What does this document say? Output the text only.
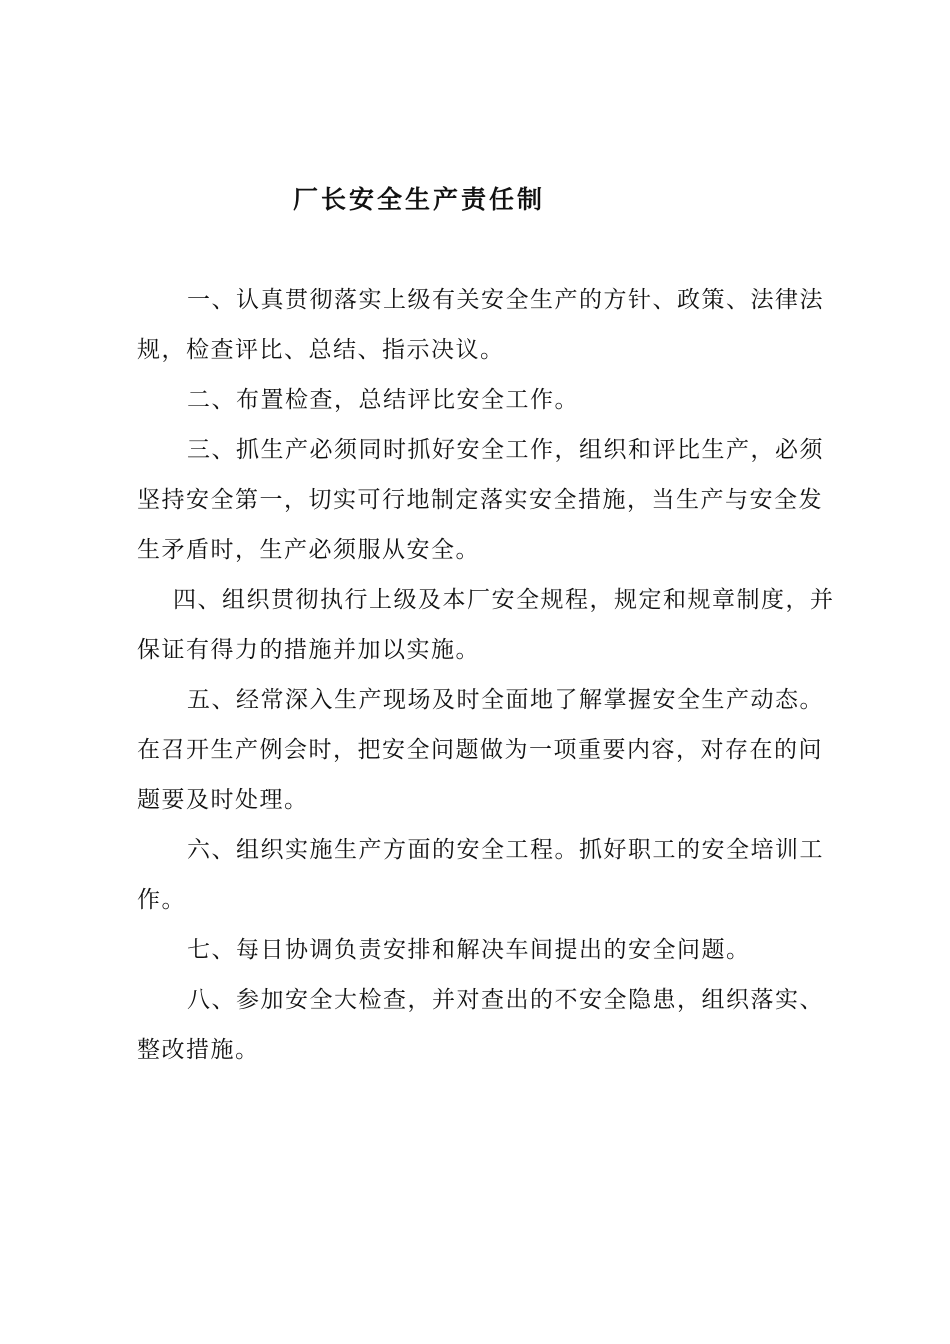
厂长安全生产责任制

一、认真贯彻落实上级有关安全生产的方针、政策、法律法规，检查评比、总结、指示决议。

二、布置检查，总结评比安全工作。

三、抓生产必须同时抓好安全工作，组织和评比生产，必须坚持安全第一，切实可行地制定落实安全措施，当生产与安全发生矛盾时，生产必须服从安全。

四、组织贯彻执行上级及本厂安全规程，规定和规章制度，并保证有得力的措施并加以实施。

五、经常深入生产现场及时全面地了解掌握安全生产动态。在召开生产例会时，把安全问题做为一项重要内容，对存在的问题要及时处理。

六、组织实施生产方面的安全工程。抓好职工的安全培训工作。

七、每日协调负责安排和解决车间提出的安全问题。

八、参加安全大检查，并对查出的不安全隐患，组织落实、整改措施。
